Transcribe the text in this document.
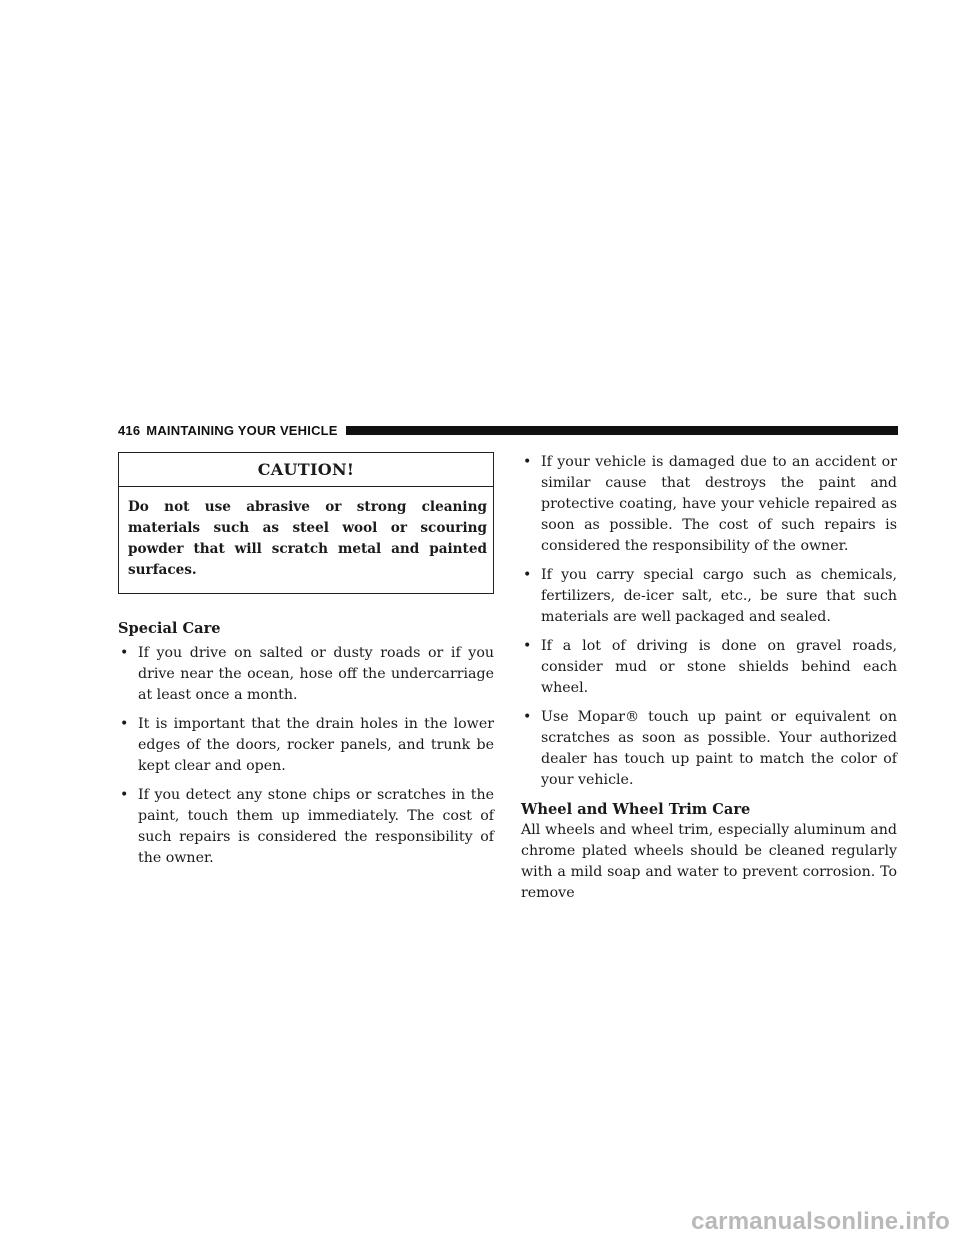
416 MAINTAINING YOUR VEHICLE
CAUTION!
Do not use abrasive or strong cleaning materials such as steel wool or scouring powder that will scratch metal and painted surfaces.
Special Care
• If you drive on salted or dusty roads or if you drive near the ocean, hose off the undercarriage at least once a month.
• It is important that the drain holes in the lower edges of the doors, rocker panels, and trunk be kept clear and open.
• If you detect any stone chips or scratches in the paint, touch them up immediately. The cost of such repairs is considered the responsibility of the owner.
• If your vehicle is damaged due to an accident or similar cause that destroys the paint and protective coating, have your vehicle repaired as soon as possible. The cost of such repairs is considered the responsibility of the owner.
• If you carry special cargo such as chemicals, fertilizers, de-icer salt, etc., be sure that such materials are well packaged and sealed.
• If a lot of driving is done on gravel roads, consider mud or stone shields behind each wheel.
• Use Mopar® touch up paint or equivalent on scratches as soon as possible. Your authorized dealer has touch up paint to match the color of your vehicle.
Wheel and Wheel Trim Care

All wheels and wheel trim, especially aluminum and chrome plated wheels should be cleaned regularly with a mild soap and water to prevent corrosion. To remove

carmanualsonline.info
